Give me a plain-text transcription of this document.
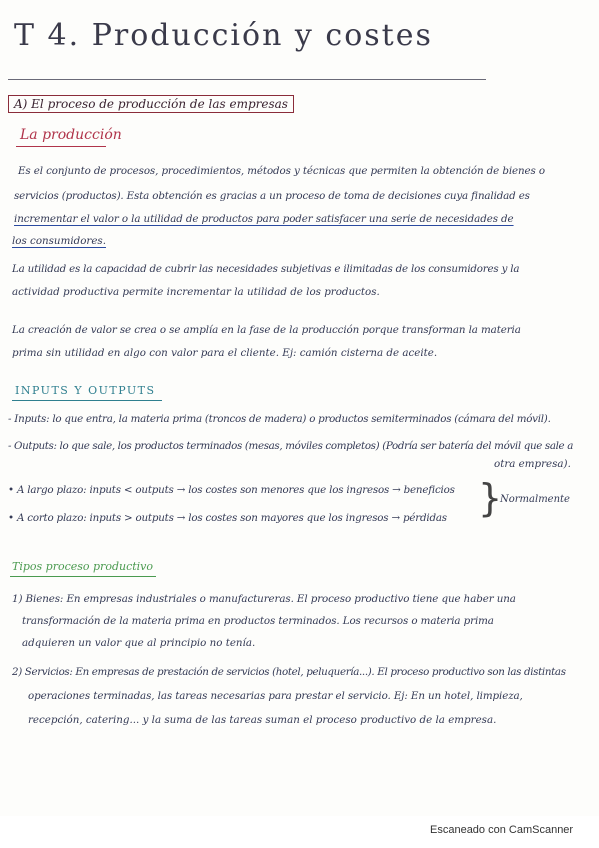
T 4. Producción y costes
A) El proceso de producción de las empresas
La producción
Es el conjunto de procesos, procedimientos, métodos y técnicas que permiten la obtención de bienes o
servicios (productos). Esta obtención es gracias a un proceso de toma de decisiones cuya finalidad es
incrementar el valor o la utilidad de productos para poder satisfacer una serie de necesidades de
los consumidores.
La utilidad es la capacidad de cubrir las necesidades subjetivas e ilimitadas de los consumidores y la
actividad productiva permite incrementar la utilidad de los productos.
La creación de valor se crea o se amplía en la fase de la producción porque transforman la materia
prima sin utilidad en algo con valor para el cliente. Ej: camión cisterna de aceite.
INPUTS Y OUTPUTS
- Inputs: lo que entra, la materia prima (troncos de madera) o productos semiterminados (cámara del móvil).
- Outputs: lo que sale, los productos terminados (mesas, móviles completos) (Podría ser batería del móvil que sale a
otra empresa).
• A largo plazo: inputs < outputs → los costes son menores que los ingresos → beneficios
• A corto plazo: inputs > outputs → los costes son mayores que los ingresos → pérdidas }
Normalmente
Tipos proceso productivo
1) Bienes: En empresas industriales o manufactureras. El proceso productivo tiene que haber una
transformación de la materia prima en productos terminados. Los recursos o materia prima
adquieren un valor que al principio no tenía.
2) Servicios: En empresas de prestación de servicios (hotel, peluquería...). El proceso productivo son las distintas
operaciones terminadas, las tareas necesarias para prestar el servicio. Ej: En un hotel, limpieza,
recepción, catering... y la suma de las tareas suman el proceso productivo de la empresa.
Escaneado con CamScanner
